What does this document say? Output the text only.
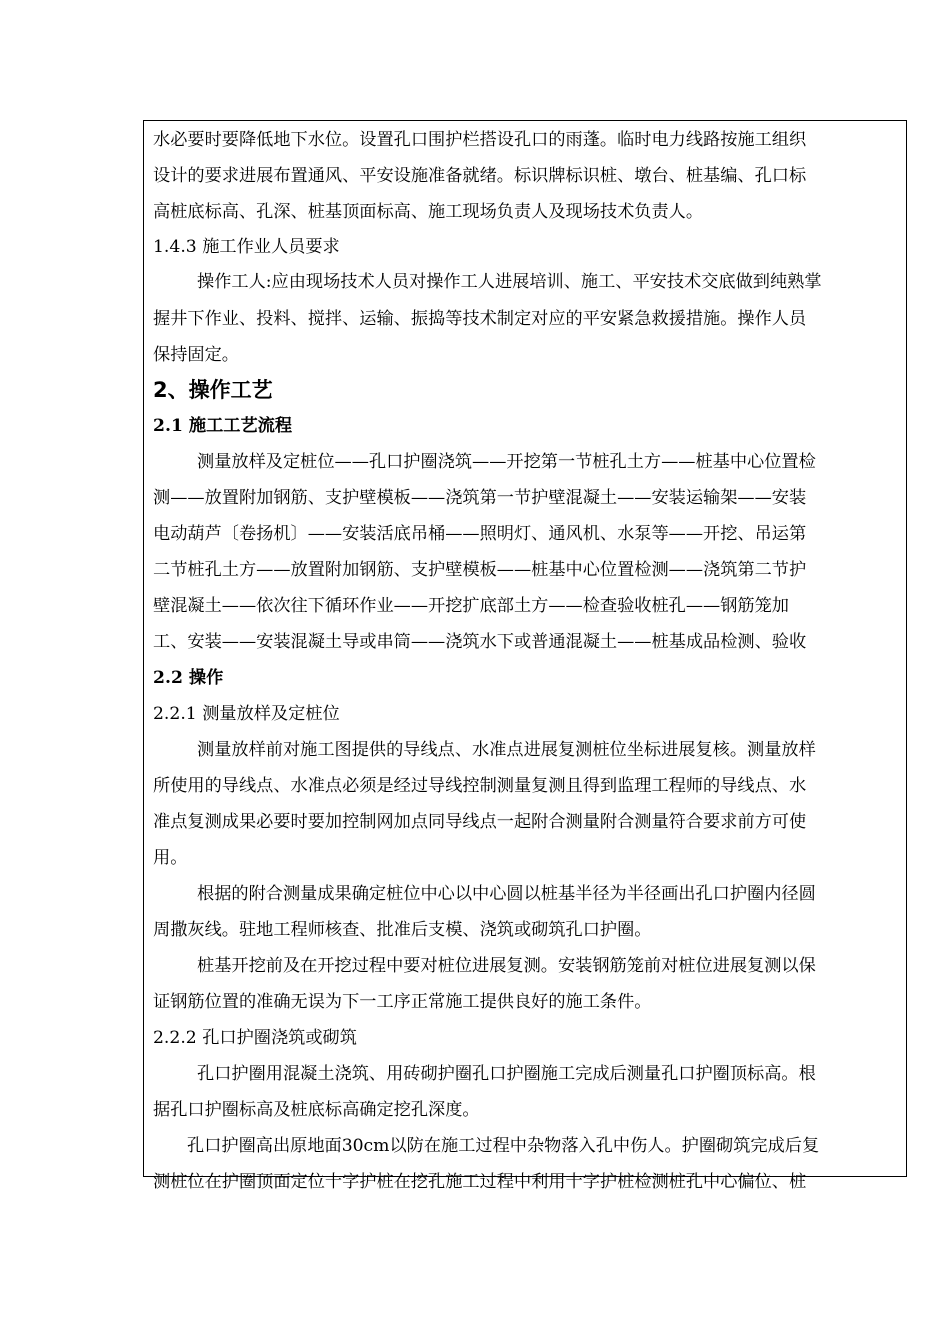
水必要时要降低地下水位。设置孔口围护栏搭设孔口的雨蓬。临时电力线路按施工组织
设计的要求进展布置通风、平安设施准备就绪。标识牌标识桩、墩台、桩基编、孔口标
高桩底标高、孔深、桩基顶面标高、施工现场负责人及现场技术负责人。
1.4.3 施工作业人员要求
操作工人:应由现场技术人员对操作工人进展培训、施工、平安技术交底做到纯熟掌
握井下作业、投料、搅拌、运输、振捣等技术制定对应的平安紧急救援措施。操作人员
保持固定。
2、操作工艺
2.1 施工工艺流程
测量放样及定桩位——孔口护圈浇筑——开挖第一节桩孔土方——桩基中心位置检
测——放置附加钢筋、支护壁模板——浇筑第一节护壁混凝土——安装运输架——安装
电动葫芦〔卷扬机〕——安装活底吊桶——照明灯、通风机、水泵等——开挖、吊运第
二节桩孔土方——放置附加钢筋、支护壁模板——桩基中心位置检测——浇筑第二节护
壁混凝土——依次往下循环作业——开挖扩底部土方——检查验收桩孔——钢筋笼加
工、安装——安装混凝土导或串筒——浇筑水下或普通混凝土——桩基成品检测、验收
2.2 操作
2.2.1 测量放样及定桩位
测量放样前对施工图提供的导线点、水准点进展复测桩位坐标进展复核。测量放样
所使用的导线点、水准点必须是经过导线控制测量复测且得到监理工程师的导线点、水
准点复测成果必要时要加控制网加点同导线点一起附合测量附合测量符合要求前方可使
用。
根据的附合测量成果确定桩位中心以中心圆以桩基半径为半径画出孔口护圈内径圆
周撒灰线。驻地工程师核查、批准后支模、浇筑或砌筑孔口护圈。
桩基开挖前及在开挖过程中要对桩位进展复测。安装钢筋笼前对桩位进展复测以保
证钢筋位置的准确无误为下一工序正常施工提供良好的施工条件。
2.2.2 孔口护圈浇筑或砌筑
孔口护圈用混凝土浇筑、用砖砌护圈孔口护圈施工完成后测量孔口护圈顶标高。根
据孔口护圈标高及桩底标高确定挖孔深度。
孔口护圈高出原地面30cm以防在施工过程中杂物落入孔中伤人。护圈砌筑完成后复
测桩位在护圈顶面定位十字护桩在挖孔施工过程中利用十字护桩检测桩孔中心偏位、桩
